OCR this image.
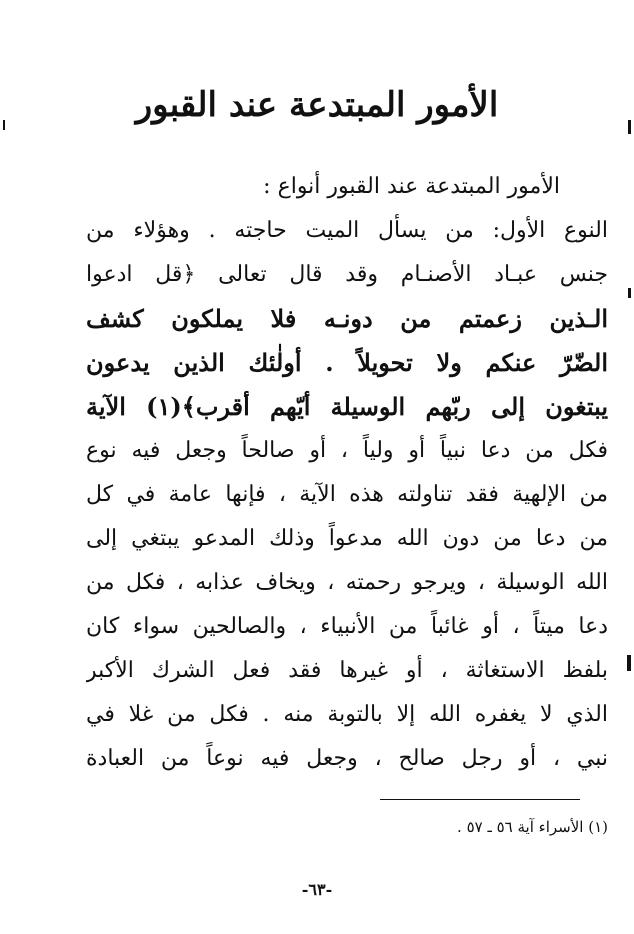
الأمور المبتدعة عند القبور
الأمور المبتدعة عند القبور أنواع :
النوع الأول: من يسأل الميت حاجته . وهؤلاء من
جنس عبـاد الأصنـام وقد قال تعالى ﴿قل ادعوا
الـذين زعمتم من دونـه فلا يملكون كشف
الضّرّ عنكم ولا تحويلاً . أولٰئك الذين يدعون
يبتغون إلى ربّهم الوسيلة أيّهم أقرب﴾(١) الآية
فكل من دعا نبياً أو ولياً ، أو صالحاً وجعل فيه نوع
من الإلهية فقد تناولته هذه الآية ، فإنها عامة في كل
من دعا من دون الله مدعواً وذلك المدعو يبتغي إلى
الله الوسيلة ، ويرجو رحمته ، ويخاف عذابه ، فكل من
دعا ميتاً ، أو غائباً من الأنبياء ، والصالحين سواء كان
بلفظ الاستغاثة ، أو غيرها فقد فعل الشرك الأكبر
الذي لا يغفره الله إلا بالتوبة منه . فكل من غلا في
نبي ، أو رجل صالح ، وجعل فيه نوعاً من العبادة
(١) الأسراء آية ٥٦ ـ ٥٧ .
-٦٣-
